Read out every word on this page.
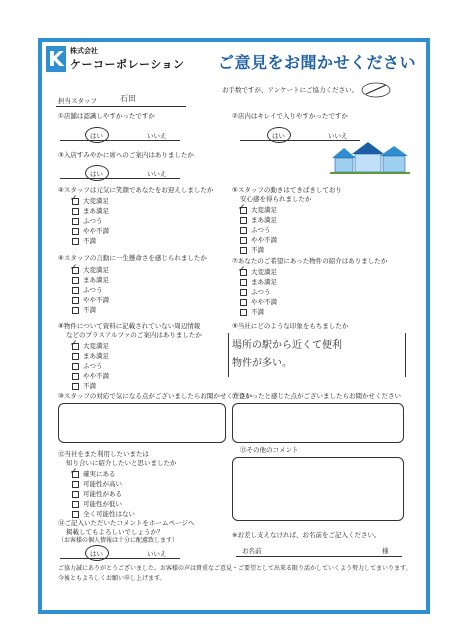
K 株式会社
ケーコーポレーション ご意見をお聞かせください
お手数ですが、アンケートにご協力ください。
担当スタッフ	石田
①店舗は認識しやすかったですか
はい	いいえ
②店内はキレイで入りやすかったですか
はい	いいえ
③入店すみやかに席へのご案内はありましたか
はい	いいえ
④スタッフは元気に笑顔であなたをお迎えしましたか
大変満足
✓
まあ満足
ふつう
やや不満
不満
⑤スタッフの動きはてきぱきしており
安心感を得られましたか
大変満足
✓
まあ満足
ふつう
やや不満
不満
⑥スタッフの言動に一生懸命さを感じられましたか
大変満足
✓
まあ満足
ふつう
やや不満
不満
⑦あなたのご希望にあった物件の紹介はありましたか
大変満足
✓
まあ満足
ふつう
やや不満
不満
⑧物件について資料に記載されていない周辺情報
などのプラスアルファのご案内はありましたか
大変満足
✓
まあ満足
ふつう
やや不満
不満
⑨当社にどのような印象をもちましたか
場所の駅から近くて便利
物件が多い。
⑩スタッフの対応で気になる点がございましたらお聞かせください
⑪良かったと感じた点がございましたらお聞かせください
⑫当社をまた利用したいまたは
知り合いに紹介したいと思いましたか
確実にある
✓
可能性が高い
可能性がある
可能性が低い
全く可能性はない
⑬その他のコメント
⑭ご記入いただいたコメントをホームページへ
掲載してもよろしいでしょうか？
（お客様の個人情報は十分に配慮致します）
はい	いいえ
※お差し支えなければ、お名前をご記入ください。
お名前	様
ご協力誠にありがとうございました。お客様の声は貴重なご意見・ご要望として出来る限り活かしていくよう努力してまいります。
今後ともよろしくお願い申し上げます。
